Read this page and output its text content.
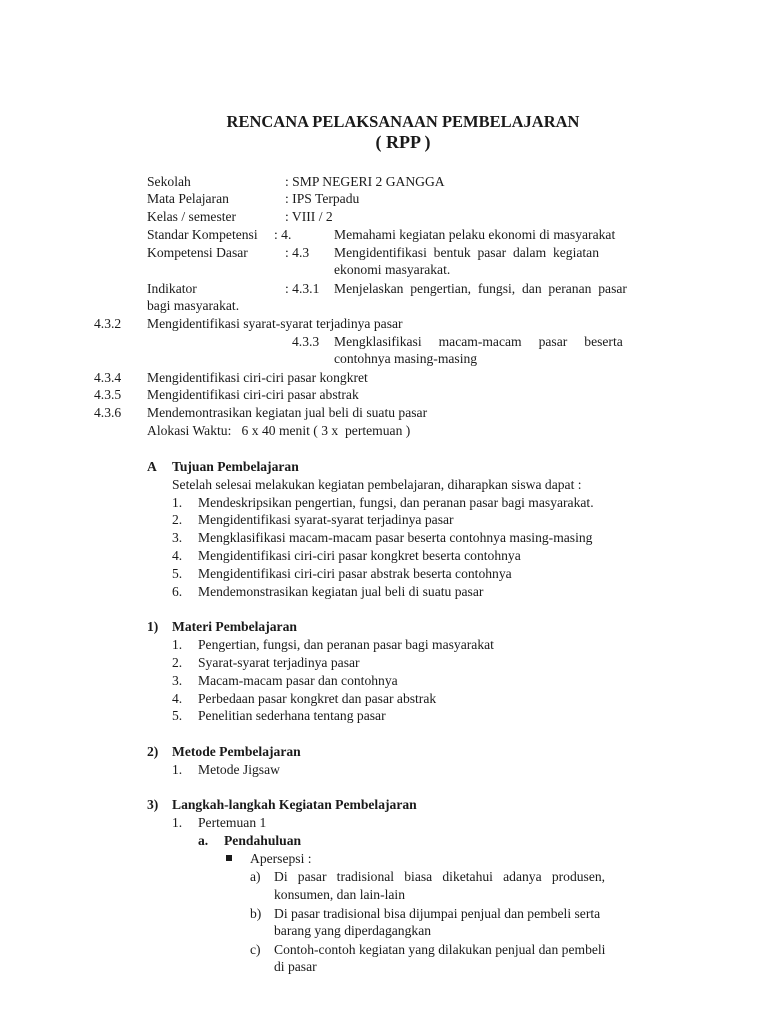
RENCANA PELAKSANAAN PEMBELAJARAN
( RPP )
Sekolah	: SMP NEGERI 2 GANGGA
Mata Pelajaran	: IPS Terpadu
Kelas / semester	: VIII / 2
Standar Kompetensi : 4.	Memahami kegiatan pelaku ekonomi di masyarakat
Kompetensi Dasar	: 4.3 Mengidentifikasi  bentuk  pasar  dalam  kegiatan
ekonomi masyarakat.
Indikator	: 4.3.1 Menjelaskan  pengertian,  fungsi,  dan  peranan  pasar
bagi masyarakat.
4.3.2 Mengidentifikasi syarat-syarat terjadinya pasar
4.3.3 Mengklasifikasi     macam-macam     pasar     beserta
contohnya masing-masing
4.3.4 Mengidentifikasi ciri-ciri pasar kongkret
4.3.5 Mengidentifikasi ciri-ciri pasar abstrak
4.3.6 Mendemontrasikan kegiatan jual beli di suatu pasar
Alokasi Waktu:   6 x 40 menit ( 3 x  pertemuan )
A Tujuan Pembelajaran
Setelah selesai melakukan kegiatan pembelajaran, diharapkan siswa dapat :
1. Mendeskripsikan pengertian, fungsi, dan peranan pasar bagi masyarakat.
2. Mengidentifikasi syarat-syarat terjadinya pasar
3. Mengklasifikasi macam-macam pasar beserta contohnya masing-masing
4. Mengidentifikasi ciri-ciri pasar kongkret beserta contohnya
5. Mengidentifikasi ciri-ciri pasar abstrak beserta contohnya
6. Mendemonstrasikan kegiatan jual beli di suatu pasar
1) Materi Pembelajaran
1. Pengertian, fungsi, dan peranan pasar bagi masyarakat
2. Syarat-syarat terjadinya pasar
3. Macam-macam pasar dan contohnya
4. Perbedaan pasar kongkret dan pasar abstrak
5. Penelitian sederhana tentang pasar
2) Metode Pembelajaran
1. Metode Jigsaw
3) Langkah-langkah Kegiatan Pembelajaran
1. Pertemuan 1
a. Pendahuluan
Apersepsi :
a) Di   pasar   tradisional   biasa   diketahui   adanya   produsen,
konsumen, dan lain-lain
b) Di pasar tradisional bisa dijumpai penjual dan pembeli serta
barang yang diperdagangkan
c) Contoh-contoh kegiatan yang dilakukan penjual dan pembeli
di pasar
